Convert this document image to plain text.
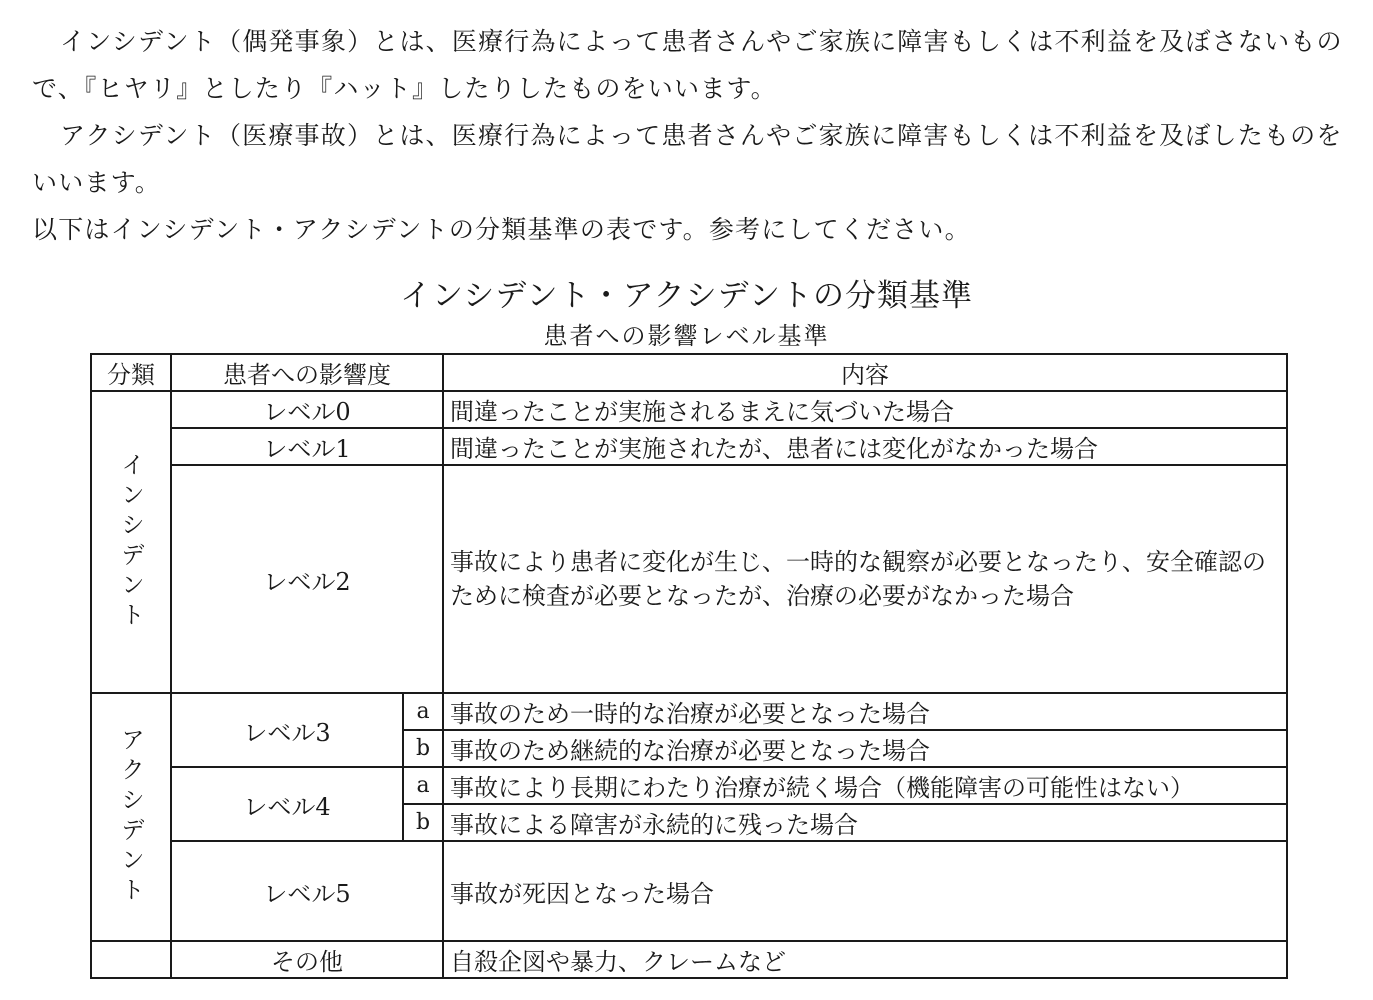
インシデント（偶発事象）とは、医療行為によって患者さんやご家族に障害もしくは不利益を及ぼさないもので、『ヒヤリ』としたり『ハット』したりしたものをいいます。

アクシデント（医療事故）とは、医療行為によって患者さんやご家族に障害もしくは不利益を及ぼしたものをいいます。

以下はインシデント・アクシデントの分類基準の表です。参考にしてください。

インシデント・アクシデントの分類基準
患者への影響レベル基準
分類	患者への影響度		内容

インシデント	レベル0		間違ったことが実施されるまえに気づいた場合
	レベル1		間違ったことが実施されたが、患者には変化がなかった場合
	レベル2		事故により患者に変化が生じ、一時的な観察が必要となったり、安全確認のために検査が必要となったが、治療の必要がなかった場合

アクシデント	レベル3	a	事故のため一時的な治療が必要となった場合
		b	事故のため継続的な治療が必要となった場合
	レベル4	a	事故により長期にわたり治療が続く場合（機能障害の可能性はない）
		b	事故による障害が永続的に残った場合
	レベル5		事故が死因となった場合
	その他		自殺企図や暴力、クレームなど
